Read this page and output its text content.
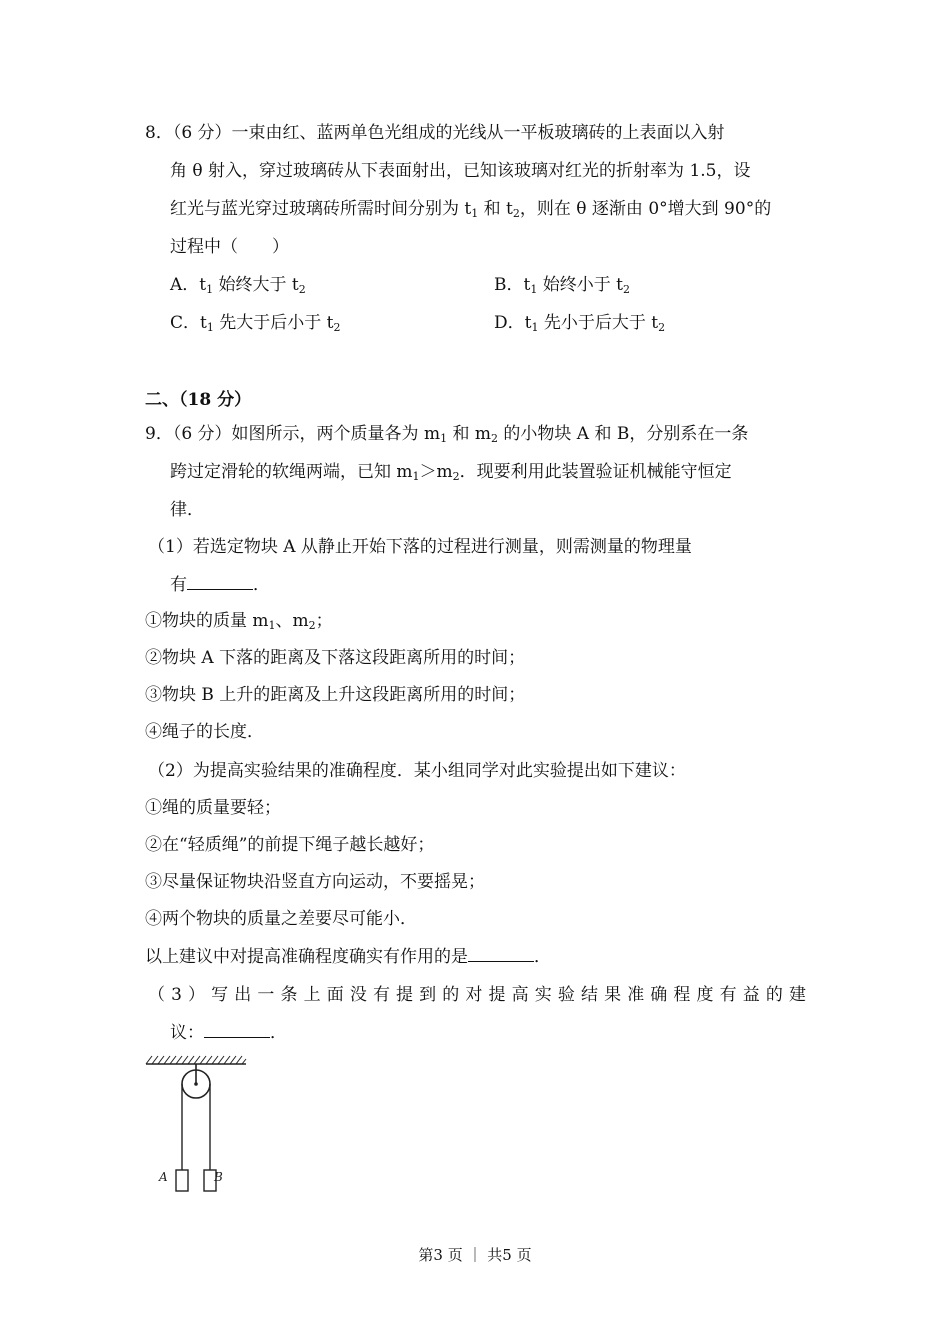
8．（6 分）一束由红、蓝两单色光组成的光线从一平板玻璃砖的上表面以入射
角 θ 射入，穿过玻璃砖从下表面射出，已知该玻璃对红光的折射率为 1.5，设
红光与蓝光穿过玻璃砖所需时间分别为 $t_1$ 和 $t_2$，则在 θ 逐渐由 0°增大到 90°的
过程中（　　）
A．$t_1$ 始终大于 $t_2$	B．$t_1$ 始终小于 $t_2$
C．$t_1$ 先大于后小于 $t_2$	D．$t_1$ 先小于后大于 $t_2$
二、（18 分）
9．（6 分）如图所示，两个质量各为 $m_1$ 和 $m_2$ 的小物块 A 和 B，分别系在一条
跨过定滑轮的软绳两端，已知 $m_1>m_2$．现要利用此装置验证机械能守恒定
律．
（1）若选定物块 A 从静止开始下落的过程进行测量，则需测量的物理量
有	．
①物块的质量 $m_1$、$m_2$；
②物块 A 下落的距离及下落这段距离所用的时间；
③物块 B 上升的距离及上升这段距离所用的时间；
④绳子的长度．
（2）为提高实验结果的准确程度．某小组同学对此实验提出如下建议：
①绳的质量要轻；
②在“轻质绳”的前提下绳子越长越好；
③尽量保证物块沿竖直方向运动，不要摇晃；
④两个物块的质量之差要尽可能小．
以上建议中对提高准确程度确实有作用的是	．
（3）写出一条上面没有提到的对提高实验结果准确程度有益的建
议：	．
A	B
第3 页 ｜ 共5 页
